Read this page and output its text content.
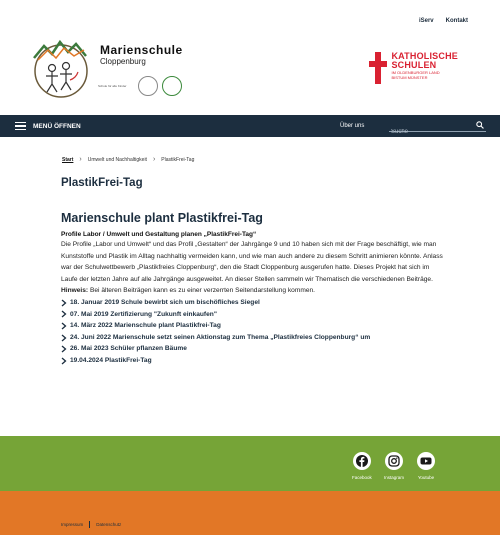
iServ Kontakt
Marienschule
Cloppenburg
Schule für alle Kinder
KATHOLISCHE
SCHULEN
IM OLDENBURGER LAND
BISTUM MÜNSTER
MENÜ ÖFFNEN	Über uns
Suche
Start › Umwelt und Nachhaltigkeit › PlastikFrei-Tag
PlastikFrei-Tag
Marienschule plant Plastikfrei-Tag
Profile Labor / Umwelt und Gestaltung planen „PlastikFrei-Tag“

Die Profile „Labor und Umwelt“ und das Profil „Gestalten“ der Jahrgänge 9 und 10 haben sich mit der Frage beschäftigt, wie man Kunststoffe und Plastik im Alltag nachhaltig vermeiden kann, und wie man auch andere zu diesem Schritt animieren könnte. Anlass war der Schulwettbewerb „Plastikfreies Cloppenburg“, den die Stadt Cloppenburg ausgerufen hatte. Dieses Projekt hat sich im Laufe der letzten Jahre auf alle Jahrgänge ausgeweitet. An dieser Stellen sammeln wir Thematisch die verschiedenen Beiträge.

Hinweis: Bei älteren Beiträgen kann es zu einer verzerrten Seitendarstellung kommen.

18. Januar 2019 Schule bewirbt sich um bischöfliches Siegel
07. Mai 2019 Zertifizierung "Zukunft einkaufen"
14. März 2022 Marienschule plant Plastikfrei-Tag
24. Juni 2022 Marienschule setzt seinen Aktionstag zum Thema „Plastikfreies Cloppenburg“ um
26. Mai 2023 Schüler pflanzen Bäume
19.04.2024 PlastikFrei-Tag
Facebook	Instagram	Youtube
Impressum	Datenschutz
